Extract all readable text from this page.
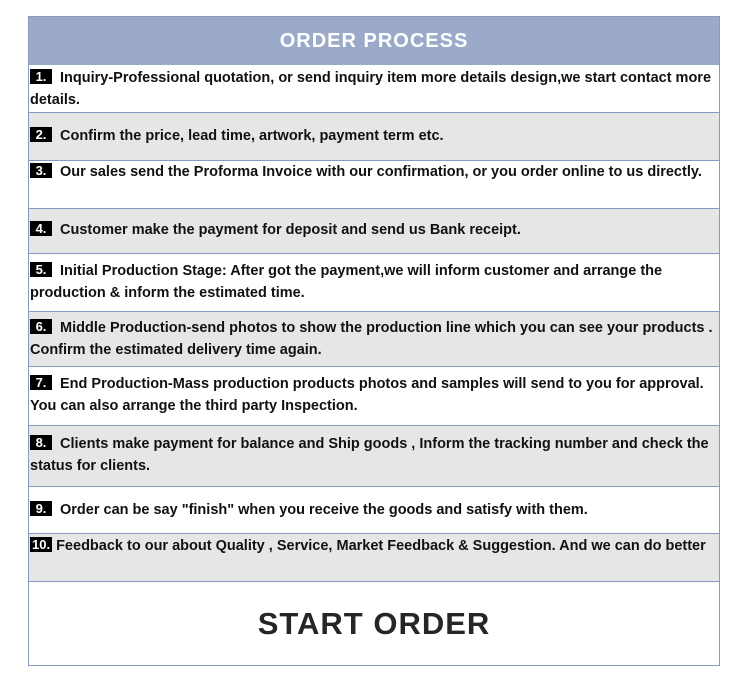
ORDER PROCESS
1. Inquiry-Professional quotation, or send inquiry item more details design,we start contact more details.
2. Confirm the price, lead time, artwork, payment term etc.
3. Our sales send the Proforma Invoice with our confirmation, or you order online to us directly.
4. Customer make the payment for deposit and send us Bank receipt.
5. Initial Production Stage: After got the payment,we will inform customer and arrange the production & inform the estimated time.
6. Middle Production-send photos to show the production line which you can see your products . Confirm the estimated delivery time again.
7. End Production-Mass production products photos and samples will send to you for approval. You can also arrange the third party Inspection.
8. Clients make payment for balance and Ship goods , Inform the tracking number and check the status for clients.
9. Order can be say "finish" when you receive the goods and satisfy with them.
10. Feedback to our about Quality , Service, Market Feedback & Suggestion. And we can do better
START ORDER
